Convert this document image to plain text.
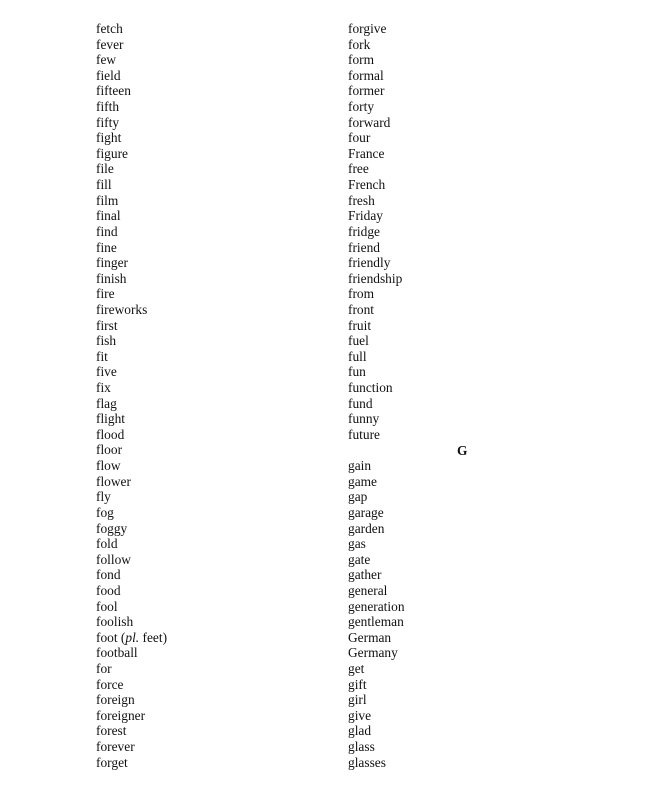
fetch
fever
few
field
fifteen
fifth
fifty
fight
figure
file
fill
film
final
find
fine
finger
finish
fire
fireworks
first
fish
fit
five
fix
flag
flight
flood
floor
flow
flower
fly
fog
foggy
fold
follow
fond
food
fool
foolish
foot (pl. feet)
football
for
force
foreign
foreigner
forest
forever
forget
forgive
fork
form
formal
former
forty
forward
four
France
free
French
fresh
Friday
fridge
friend
friendly
friendship
from
front
fruit
fuel
full
fun
function
fund
funny
future
gain
game
gap
garage
garden
gas
gate
gather
general
generation
gentleman
German
Germany
get
gift
girl
give
glad
glass
glasses
G
